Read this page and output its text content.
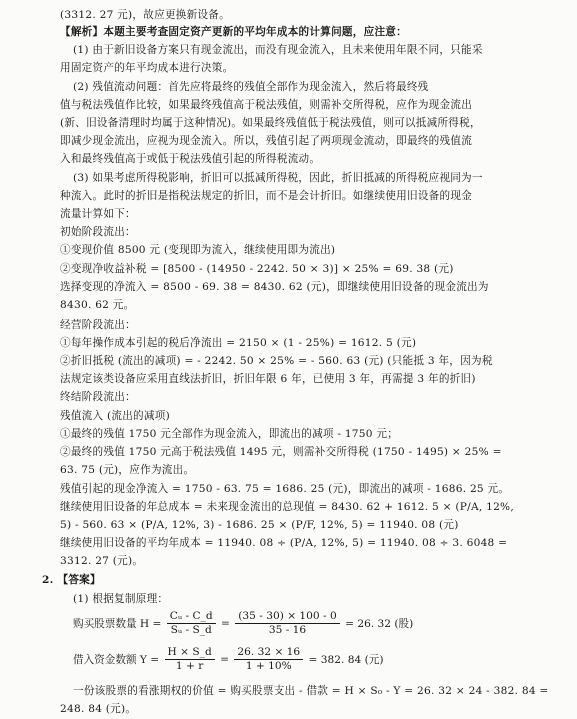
(3312. 27 元)，故应更换新设备。
【解析】本题主要考查固定资产更新的平均年成本的计算问题，应注意：
(1) 由于新旧设备方案只有现金流出，而没有现金流入，且未来使用年限不同，只能采
用固定资产的年平均成本进行决策。
(2) 残值流动问题：首先应将最终的残值全部作为现金流入，然后将最终残
值与税法残值作比较，如果最终残值高于税法残值，则需补交所得税，应作为现金流出
(新、旧设备清理时均属于这种情况)。如果最终残值低于税法残值，则可以抵减所得税，
即减少现金流出，应视为现金流入。所以，残值引起了两项现金流动，即最终的残值流
入和最终残值高于或低于税法残值引起的所得税流动。
(3) 如果考虑所得税影响，折旧可以抵减所得税，因此，折旧抵减的所得税应视同为一
种流入。此时的折旧是指税法规定的折旧，而不是会计折旧。如继续使用旧设备的现金
流量计算如下：
初始阶段流出：
①变现价值 8500 元 (变现即为流入，继续使用即为流出)
②变现净收益补税 = [8500 - (14950 - 2242. 50 × 3)] × 25% = 69. 38 (元)
选择变现的净流入 = 8500 - 69. 38 = 8430. 62 (元)，即继续使用旧设备的现金流出为
8430. 62 元。
经营阶段流出：
①每年操作成本引起的税后净流出 = 2150 × (1 - 25%) = 1612. 5 (元)
②折旧抵税 (流出的减项) = - 2242. 50 × 25% = - 560. 63 (元) (只能抵 3 年，因为税
法规定该类设备应采用直线法折旧，折旧年限 6 年，已使用 3 年，再需提 3 年的折旧)
终结阶段流出：
残值流入 (流出的减项)
①最终的残值 1750 元全部作为现金流入，即流出的减项 - 1750 元；
②最终的残值 1750 元高于税法残值 1495 元，则需补交所得税 (1750 - 1495) × 25% =
63. 75 (元)，应作为流出。
残值引起的现金净流入 = 1750 - 63. 75 = 1686. 25 (元)，即流出的减项 - 1686. 25 元。
继续使用旧设备的年总成本 = 未来现金流出的总现值 = 8430. 62 + 1612. 5 × (P/A, 12%,
5) - 560. 63 × (P/A, 12%, 3) - 1686. 25 × (P/F, 12%, 5) = 11940. 08 (元)
继续使用旧设备的平均年成本 = 11940. 08 ÷ (P/A, 12%, 5) = 11940. 08 ÷ 3. 6048 =
3312. 27 (元)。
2. 【答案】
(1) 根据复制原理：
购买股票数量 $H = \frac{\text{Cᵤ - C\_d}}{\text{Sᵤ - S\_d}} = \frac{(35 - 30) \times 100 - 0}{35 - 16} = 26$. 32 (股)
借入资金数额 $Y = \frac{H \times S\_d}{1 + r} = \frac{26. 32 \times 16}{1 + 10\%} = 382$. 84 (元)
一份该股票的看涨期权的价值 = 购买股票支出 - 借款 = H × S₀ - Y = 26. 32 × 24 - 382. 84 =
248. 84 (元)。
